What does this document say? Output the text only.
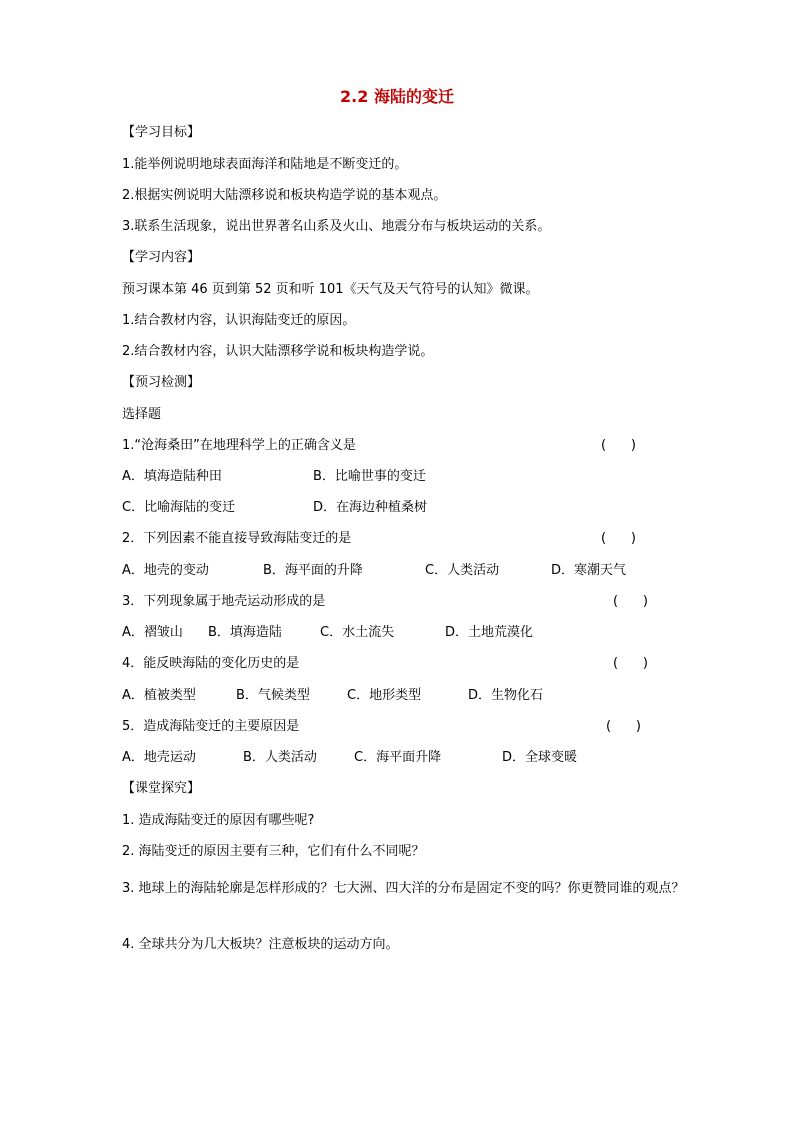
2.2 海陆的变迁
【学习目标】
1.能举例说明地球表面海洋和陆地是不断变迁的。
2.根据实例说明大陆漂移说和板块构造学说的基本观点。
3.联系生活现象，说出世界著名山系及火山、地震分布与板块运动的关系。
【学习内容】
预习课本第 46 页到第 52 页和听 101《天气及天气符号的认知》微课。
1.结合教材内容，认识海陆变迁的原因。
2.结合教材内容，认识大陆漂移学说和板块构造学说。
【预习检测】
选择题
1.“沧海桑田”在地理科学上的正确含义是	(      )
A．填海造陆种田	B．比喻世事的变迁
C．比喻海陆的变迁	D．在海边种植桑树
2．下列因素不能直接导致海陆变迁的是	(      )
A．地壳的变动	B．海平面的升降	C．人类活动	D．寒潮天气
3．下列现象属于地壳运动形成的是	(      )
A．褶皱山 B．填海造陆	C．水土流失	D．土地荒漠化
4．能反映海陆的变化历史的是	(      )
A．植被类型	B．气候类型	C．地形类型	D．生物化石
5．造成海陆变迁的主要原因是	(      )
A．地壳运动	B．人类活动	C．海平面升降	D．全球变暖
【课堂探究】
1. 造成海陆变迁的原因有哪些呢?
2. 海陆变迁的原因主要有三种，它们有什么不同呢？
3. 地球上的海陆轮廓是怎样形成的？七大洲、四大洋的分布是固定不变的吗？你更赞同谁的观点？
4. 全球共分为几大板块？注意板块的运动方向。
